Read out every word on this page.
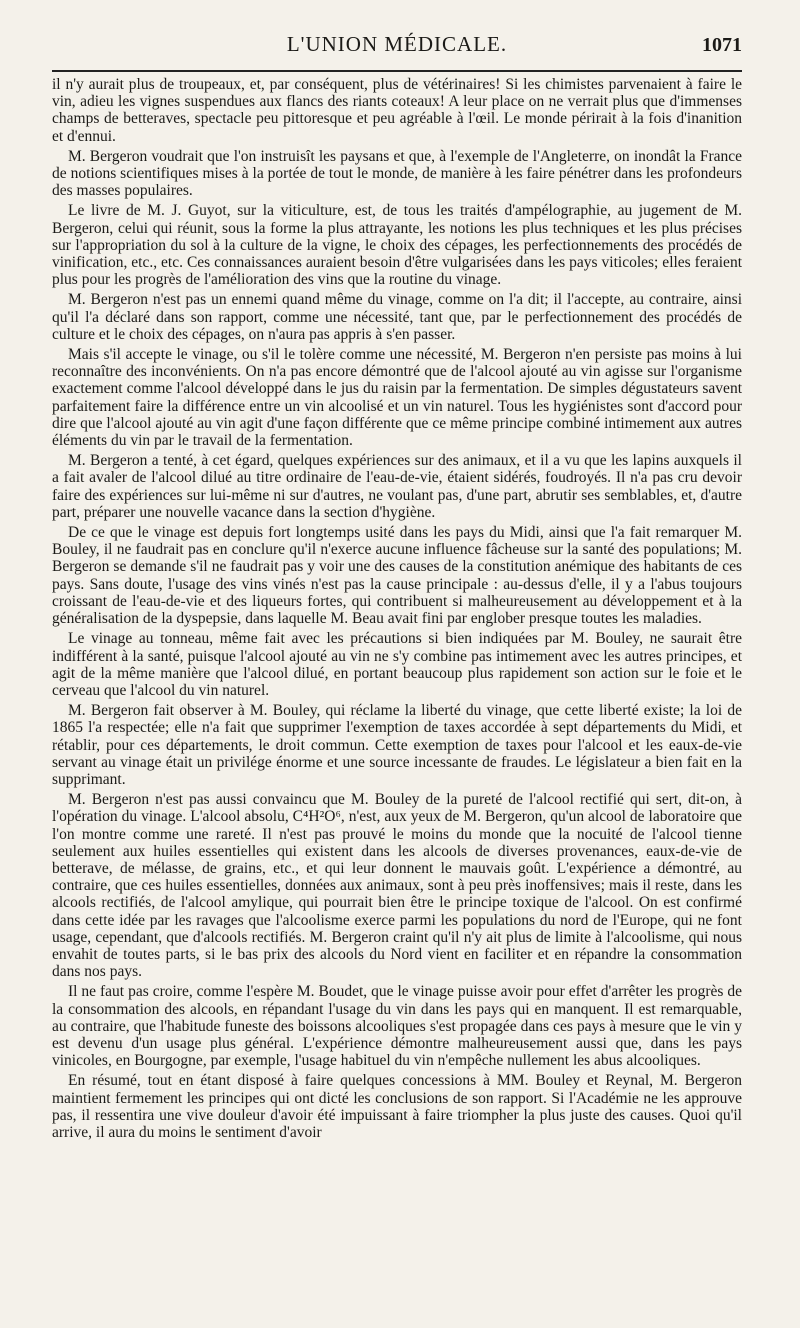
L'UNION MÉDICALE.	1071

il n'y aurait plus de troupeaux, et, par conséquent, plus de vétérinaires! Si les chimistes parvenaient à faire le vin, adieu les vignes suspendues aux flancs des riants coteaux! A leur place on ne verrait plus que d'immenses champs de betteraves, spectacle peu pittoresque et peu agréable à l'œil. Le monde périrait à la fois d'inanition et d'ennui.

M. Bergeron voudrait que l'on instruisît les paysans et que, à l'exemple de l'Angleterre, on inondât la France de notions scientifiques mises à la portée de tout le monde, de manière à les faire pénétrer dans les profondeurs des masses populaires.

Le livre de M. J. Guyot, sur la viticulture, est, de tous les traités d'ampélographie, au jugement de M. Bergeron, celui qui réunit, sous la forme la plus attrayante, les notions les plus techniques et les plus précises sur l'appropriation du sol à la culture de la vigne, le choix des cépages, les perfectionnements des procédés de vinification, etc., etc. Ces connaissances auraient besoin d'être vulgarisées dans les pays viticoles; elles feraient plus pour les progrès de l'amélioration des vins que la routine du vinage.

M. Bergeron n'est pas un ennemi quand même du vinage, comme on l'a dit; il l'accepte, au contraire, ainsi qu'il l'a déclaré dans son rapport, comme une nécessité, tant que, par le perfectionnement des procédés de culture et le choix des cépages, on n'aura pas appris à s'en passer.

Mais s'il accepte le vinage, ou s'il le tolère comme une nécessité, M. Bergeron n'en persiste pas moins à lui reconnaître des inconvénients. On n'a pas encore démontré que de l'alcool ajouté au vin agisse sur l'organisme exactement comme l'alcool développé dans le jus du raisin par la fermentation. De simples dégustateurs savent parfaitement faire la différence entre un vin alcoolisé et un vin naturel. Tous les hygiénistes sont d'accord pour dire que l'alcool ajouté au vin agit d'une façon différente que ce même principe combiné intimement aux autres éléments du vin par le travail de la fermentation.

M. Bergeron a tenté, à cet égard, quelques expériences sur des animaux, et il a vu que les lapins auxquels il a fait avaler de l'alcool dilué au titre ordinaire de l'eau-de-vie, étaient sidérés, foudroyés. Il n'a pas cru devoir faire des expériences sur lui-même ni sur d'autres, ne voulant pas, d'une part, abrutir ses semblables, et, d'autre part, préparer une nouvelle vacance dans la section d'hygiène.

De ce que le vinage est depuis fort longtemps usité dans les pays du Midi, ainsi que l'a fait remarquer M. Bouley, il ne faudrait pas en conclure qu'il n'exerce aucune influence fâcheuse sur la santé des populations; M. Bergeron se demande s'il ne faudrait pas y voir une des causes de la constitution anémique des habitants de ces pays. Sans doute, l'usage des vins vinés n'est pas la cause principale : au-dessus d'elle, il y a l'abus toujours croissant de l'eau-de-vie et des liqueurs fortes, qui contribuent si malheureusement au développement et à la généralisation de la dyspepsie, dans laquelle M. Beau avait fini par englober presque toutes les maladies.

Le vinage au tonneau, même fait avec les précautions si bien indiquées par M. Bouley, ne saurait être indifférent à la santé, puisque l'alcool ajouté au vin ne s'y combine pas intimement avec les autres principes, et agit de la même manière que l'alcool dilué, en portant beaucoup plus rapidement son action sur le foie et le cerveau que l'alcool du vin naturel.

M. Bergeron fait observer à M. Bouley, qui réclame la liberté du vinage, que cette liberté existe; la loi de 1865 l'a respectée; elle n'a fait que supprimer l'exemption de taxes accordée à sept départements du Midi, et rétablir, pour ces départements, le droit commun. Cette exemption de taxes pour l'alcool et les eaux-de-vie servant au vinage était un privilége énorme et une source incessante de fraudes. Le législateur a bien fait en la supprimant.

M. Bergeron n'est pas aussi convaincu que M. Bouley de la pureté de l'alcool rectifié qui sert, dit-on, à l'opération du vinage. L'alcool absolu, C⁴H²O⁶, n'est, aux yeux de M. Bergeron, qu'un alcool de laboratoire que l'on montre comme une rareté. Il n'est pas prouvé le moins du monde que la nocuité de l'alcool tienne seulement aux huiles essentielles qui existent dans les alcools de diverses provenances, eaux-de-vie de betterave, de mélasse, de grains, etc., et qui leur donnent le mauvais goût. L'expérience a démontré, au contraire, que ces huiles essentielles, données aux animaux, sont à peu près inoffensives; mais il reste, dans les alcools rectifiés, de l'alcool amylique, qui pourrait bien être le principe toxique de l'alcool. On est confirmé dans cette idée par les ravages que l'alcoolisme exerce parmi les populations du nord de l'Europe, qui ne font usage, cependant, que d'alcools rectifiés. M. Bergeron craint qu'il n'y ait plus de limite à l'alcoolisme, qui nous envahit de toutes parts, si le bas prix des alcools du Nord vient en faciliter et en répandre la consommation dans nos pays.

Il ne faut pas croire, comme l'espère M. Boudet, que le vinage puisse avoir pour effet d'arrêter les progrès de la consommation des alcools, en répandant l'usage du vin dans les pays qui en manquent. Il est remarquable, au contraire, que l'habitude funeste des boissons alcooliques s'est propagée dans ces pays à mesure que le vin y est devenu d'un usage plus général. L'expérience démontre malheureusement aussi que, dans les pays vinicoles, en Bourgogne, par exemple, l'usage habituel du vin n'empêche nullement les abus alcooliques.

En résumé, tout en étant disposé à faire quelques concessions à MM. Bouley et Reynal, M. Bergeron maintient fermement les principes qui ont dicté les conclusions de son rapport. Si l'Académie ne les approuve pas, il ressentira une vive douleur d'avoir été impuissant à faire triompher la plus juste des causes. Quoi qu'il arrive, il aura du moins le sentiment d'avoir
